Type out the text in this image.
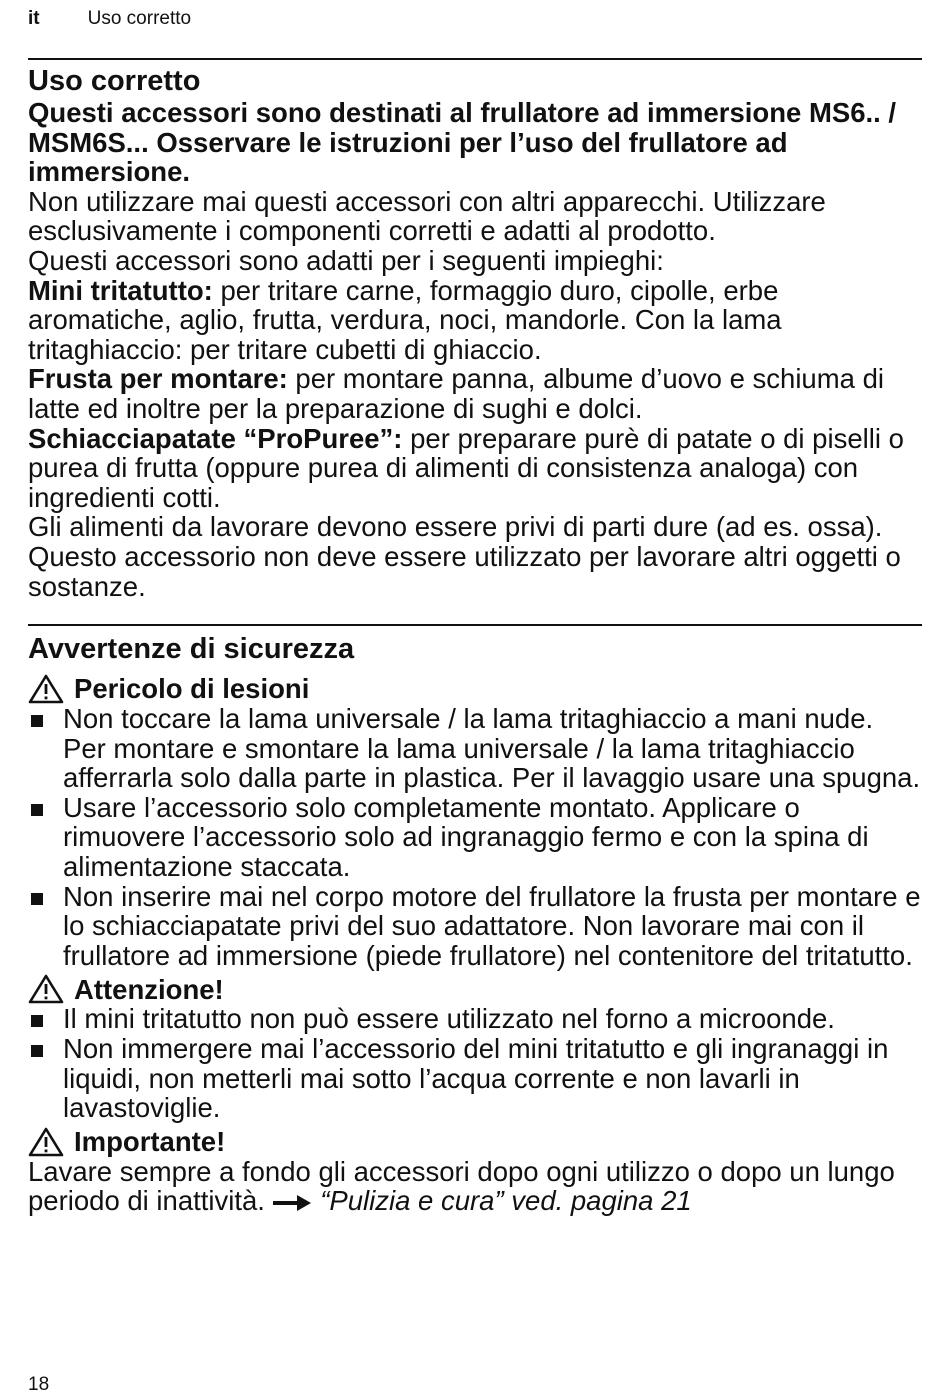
it	Uso corretto
Uso corretto

Questi accessori sono destinati al frullatore ad immersione MS6.. / MSM6S... Osservare le istruzioni per l’uso del frullatore ad immersione.

Non utilizzare mai questi accessori con altri apparecchi. Utilizzare esclusivamente i componenti corretti e adatti al prodotto.

Questi accessori sono adatti per i seguenti impieghi:

Mini tritatutto: per tritare carne, formaggio duro, cipolle, erbe aromatiche, aglio, frutta, verdura, noci, mandorle. Con la lama tritaghiaccio: per tritare cubetti di ghiaccio.

Frusta per montare: per montare panna, albume d’uovo e schiuma di latte ed inoltre per la preparazione di sughi e dolci.

Schiacciapatate “ProPuree”: per preparare purè di patate o di piselli o purea di frutta (oppure purea di alimenti di consistenza analoga) con ingredienti cotti.

Gli alimenti da lavorare devono essere privi di parti dure (ad es. ossa). Questo accessorio non deve essere utilizzato per lavorare altri oggetti o sostanze.

Avvertenze di sicurezza
Pericolo di lesioni
Non toccare la lama universale / la lama tritaghiaccio a mani nude. Per montare e smontare la lama universale / la lama tritaghiaccio afferrarla solo dalla parte in plastica. Per il lavaggio usare una spugna.
Usare l’accessorio solo completamente montato. Applicare o rimuovere l’accessorio solo ad ingranaggio fermo e con la spina di alimentazione staccata.
Non inserire mai nel corpo motore del frullatore la frusta per montare e lo schiacciapatate privi del suo adattatore. Non lavorare mai con il frullatore ad immersione (piede frullatore) nel contenitore del tritatutto.
Attenzione!
Il mini tritatutto non può essere utilizzato nel forno a microonde.
Non immergere mai l’accessorio del mini tritatutto e gli ingranaggi in liquidi, non metterli mai sotto l’acqua corrente e non lavarli in lavastoviglie.
Importante!

Lavare sempre a fondo gli accessori dopo ogni utilizzo o dopo un lungo periodo di inattività. “Pulizia e cura” ved. pagina 21

18
